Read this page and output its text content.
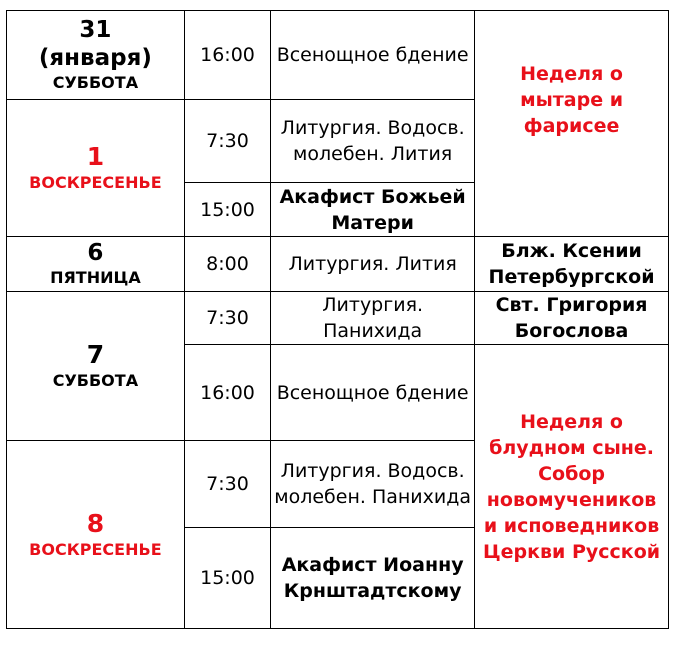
31
(января)
СУББОТА	16:00	Всенощное бдение	Неделя о мытаре и фарисее

1
ВОСКРЕСЕНЬЕ	7:30	Литургия. Водосв. молебен. Лития	
	15:00	Акафист Божьей Матери	

6
ПЯТНИЦА	8:00	Литургия. Лития	Блж. Ксении Петербургской

7
СУББОТА	7:30	Литургия. Панихида	Свт. Григория Богослова
	16:00	Всенощное бдение	Неделя о блудном сыне. Собор новомучеников и исповедников Церкви Русской

8
ВОСКРЕСЕНЬЕ	7:30	Литургия. Водосв. молебен. Панихида	
	15:00	Акафист Иоанну Крнштадтскому	
